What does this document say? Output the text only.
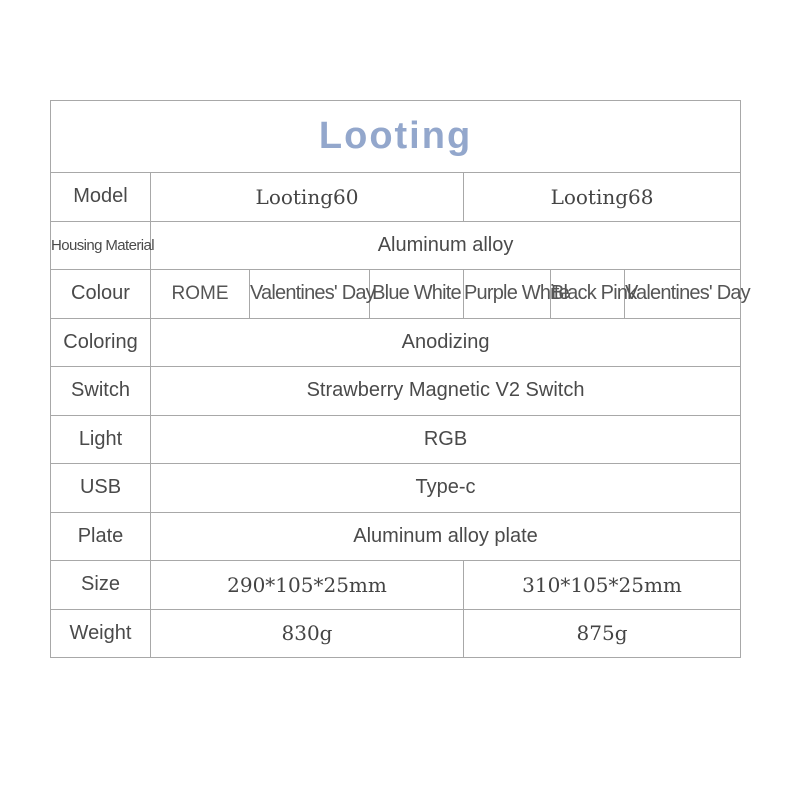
Looting						
Model	Looting60			Looting68		
Housing Material	Aluminum alloy					
Colour	ROME	Valentines' Day	Blue White	Purple White	Black Pink	Valentines' Day
Coloring	Anodizing					
Switch	Strawberry Magnetic V2 Switch					
Light	RGB					
USB	Type-c					
Plate	Aluminum alloy plate					
Size	290*105*25mm			310*105*25mm		
Weight	830g			875g		
